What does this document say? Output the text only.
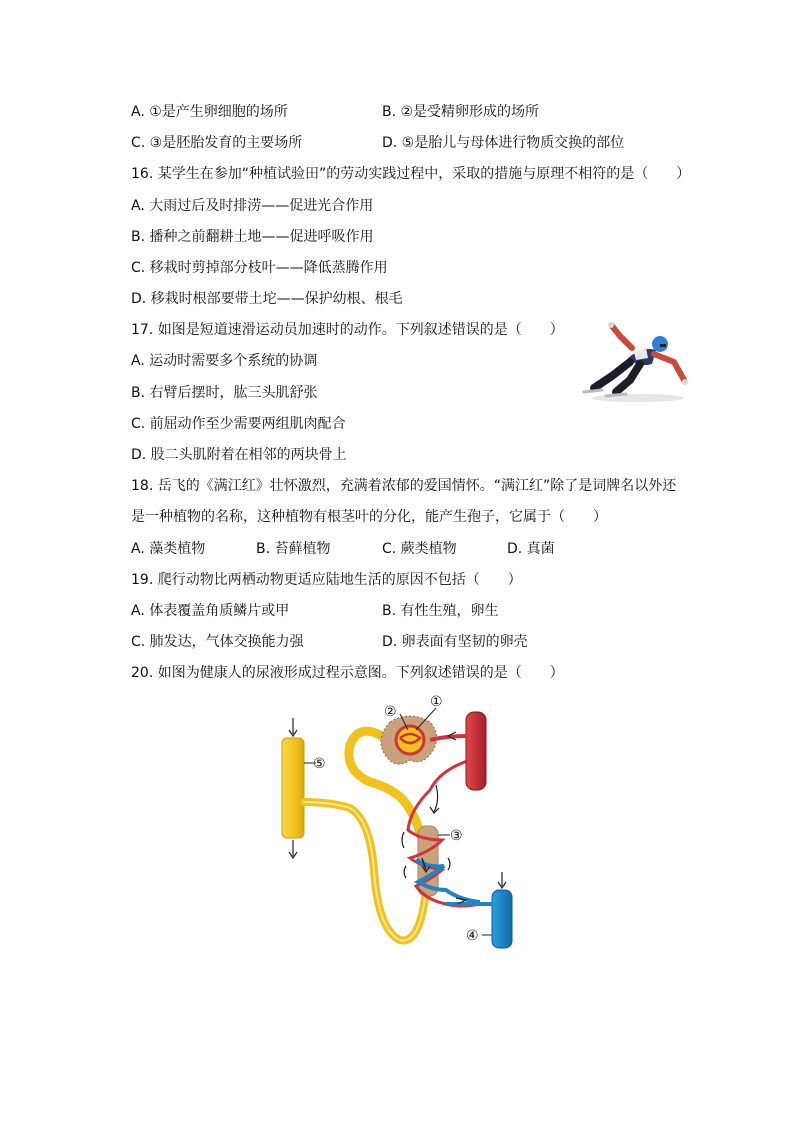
A. ①是产生卵细胞的场所	B. ②是受精卵形成的场所
C. ③是胚胎发育的主要场所	D. ⑤是胎儿与母体进行物质交换的部位
16. 某学生在参加“种植试验田”的劳动实践过程中，采取的措施与原理不相符的是（　　）
A. 大雨过后及时排涝——促进光合作用
B. 播种之前翻耕土地——促进呼吸作用
C. 移栽时剪掉部分枝叶——降低蒸腾作用
D. 移栽时根部要带土坨——保护幼根、根毛
17. 如图是短道速滑运动员加速时的动作。下列叙述错误的是（　　）
A. 运动时需要多个系统的协调
B. 右臂后摆时，肱三头肌舒张
C. 前屈动作至少需要两组肌肉配合
D. 股二头肌附着在相邻的两块骨上
18. 岳飞的《满江红》壮怀激烈，充满着浓郁的爱国情怀。“满江红”除了是词牌名以外还
是一种植物的名称，这种植物有根茎叶的分化，能产生孢子，它属于（　　）
A. 藻类植物	B. 苔藓植物	C. 蕨类植物	D. 真菌
19. 爬行动物比两栖动物更适应陆地生活的原因不包括（　　）
A. 体表覆盖角质鳞片或甲	B. 有性生殖，卵生
C. 肺发达，气体交换能力强	D. 卵表面有坚韧的卵壳
20. 如图为健康人的尿液形成过程示意图。下列叙述错误的是（　　）
⑤
②
①
③
④
